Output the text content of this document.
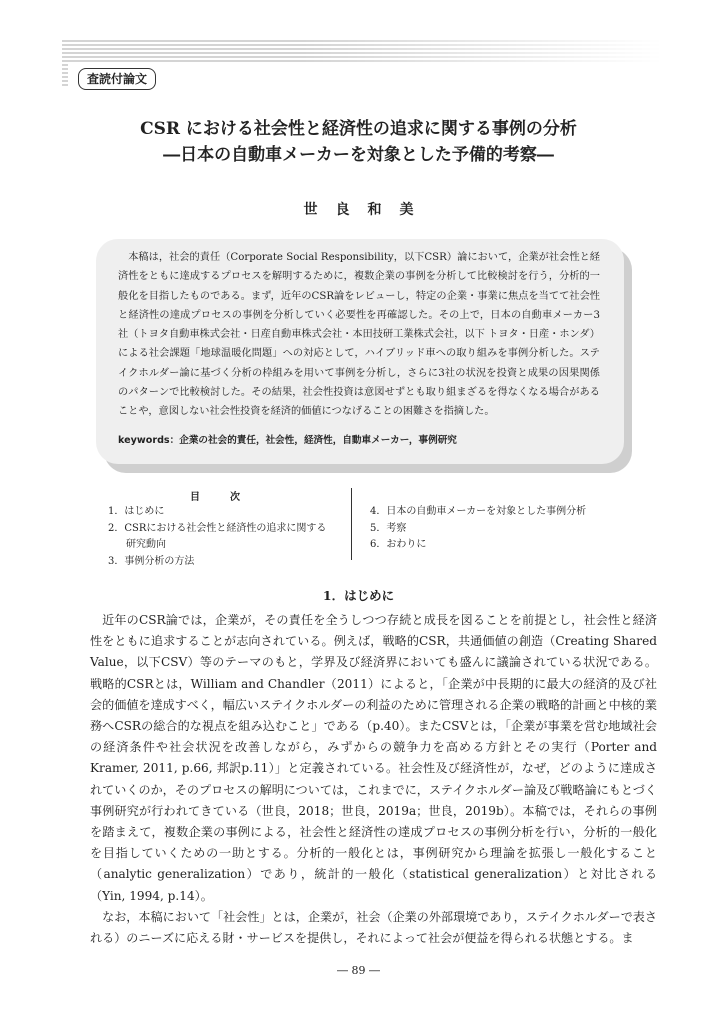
査読付論文
CSR における社会性と経済性の追求に関する事例の分析
―日本の自動車メーカーを対象とした予備的考察―
世良和美
本稿は，社会的責任（Corporate Social Responsibility，以下CSR）論において，企業が社会性と経済性をともに達成するプロセスを解明するために，複数企業の事例を分析して比較検討を行う，分析的一般化を目指したものである。まず，近年のCSR論をレビューし，特定の企業・事業に焦点を当てて社会性と経済性の達成プロセスの事例を分析していく必要性を再確認した。その上で，日本の自動車メーカー3社（トヨタ自動車株式会社・日産自動車株式会社・本田技研工業株式会社，以下 トヨタ・日産・ホンダ）による社会課題「地球温暖化問題」への対応として，ハイブリッド車への取り組みを事例分析した。ステイクホルダー論に基づく分析の枠組みを用いて事例を分析し，さらに3社の状況を投資と成果の因果関係のパターンで比較検討した。その結果，社会性投資は意図せずとも取り組まざるを得なくなる場合があることや，意図しない社会性投資を経済的価値につなげることの困難さを指摘した。
keywords：企業の社会的責任，社会性，経済性，自動車メーカー，事例研究
目次
1．はじめに
2．CSRにおける社会性と経済性の追求に関する
研究動向
3．事例分析の方法
4．日本の自動車メーカーを対象とした事例分析
5．考察
6．おわりに
1．はじめに

近年のCSR論では，企業が，その責任を全うしつつ存続と成長を図ることを前提とし，社会性と経済性をともに追求することが志向されている。例えば，戦略的CSR，共通価値の創造（Creating Shared Value，以下CSV）等のテーマのもと，学界及び経済界においても盛んに議論されている状況である。戦略的CSRとは，William and Chandler（2011）によると，「企業が中長期的に最大の経済的及び社会的価値を達成すべく，幅広いステイクホルダーの利益のために管理される企業の戦略的計画と中核的業務へCSRの総合的な視点を組み込むこと」である（p.40）。またCSVとは，「企業が事業を営む地域社会の経済条件や社会状況を改善しながら，みずからの競争力を高める方針とその実行（Porter and Kramer, 2011, p.66, 邦訳p.11）」と定義されている。社会性及び経済性が，なぜ，どのように達成されていくのか，そのプロセスの解明については，これまでに，ステイクホルダー論及び戦略論にもとづく事例研究が行われてきている（世良，2018；世良，2019a；世良，2019b）。本稿では，それらの事例を踏まえて，複数企業の事例による，社会性と経済性の達成プロセスの事例分析を行い，分析的一般化を目指していくための一助とする。分析的一般化とは，事例研究から理論を拡張し一般化すること（analytic generalization）であり，統計的一般化（statistical generalization）と対比される（Yin, 1994, p.14）。

なお，本稿において「社会性」とは，企業が，社会（企業の外部環境であり，ステイクホルダーで表される）のニーズに応える財・サービスを提供し，それによって社会が便益を得られる状態とする。ま

― 89 ―
